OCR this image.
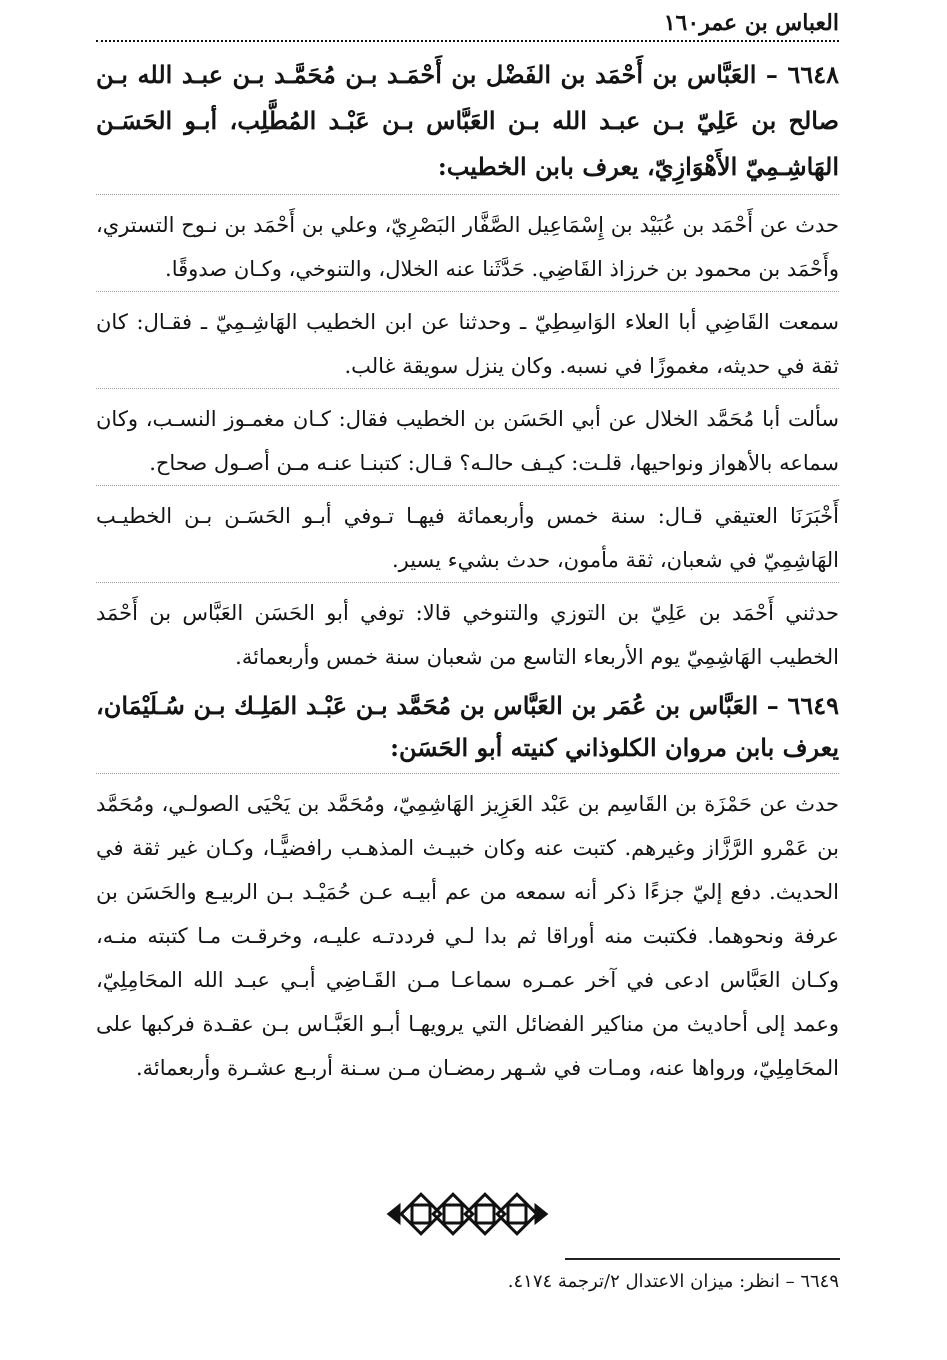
العباس بن عمر
١٦٠

٦٦٤٨ – العَبَّاس بن أَحْمَد بن الفَضْل بن أَحْمَـد بـن مُحَمَّـد بـن عبـد الله بـن صالح بن عَلِيّ بـن عبـد الله بـن العَبَّاس بـن عَبْـد المُطَّلِب، أبـو الحَسَـن الهَاشِـمِيّ الأَهْوَازِيّ، يعرف بابن الخطيب:

حدث عن أَحْمَد بن عُبَيْد بن إِسْمَاعِيل الصَّفَّار البَصْرِيّ، وعلي بن أَحْمَد بن نـوح التستري، وأَحْمَد بن محمود بن خرزاذ القَاضِي. حَدَّثَنا عنه الخلال، والتنوخي، وكـان صدوقًا.

سمعت القَاضِي أبا العلاء الوَاسِطِيّ ـ وحدثنا عن ابن الخطيب الهَاشِـمِيّ ـ فقـال: كان ثقة في حديثه، مغموزًا في نسبه. وكان ينزل سويقة غالب.

سألت أبا مُحَمَّد الخلال عن أبي الحَسَن بن الخطيب فقال: كـان مغمـوز النسـب، وكان سماعه بالأهواز ونواحيها، قلـت: كيـف حالـه؟ قـال: كتبنـا عنـه مـن أصـول صحاح.

أَخْبَرَنَا العتيقي قـال: سنة خمس وأربعمائة فيهـا تـوفي أبـو الحَسَـن بـن الخطيـب الهَاشِمِيّ في شعبان، ثقة مأمون، حدث بشيء يسير.

حدثني أَحْمَد بن عَلِيّ بن التوزي والتنوخي قالا: توفي أبو الحَسَن العَبَّاس بن أَحْمَد الخطيب الهَاشِمِيّ يوم الأربعاء التاسع من شعبان سنة خمس وأربعمائة.

٦٦٤٩ – العَبَّاس بن عُمَر بن العَبَّاس بن مُحَمَّد بـن عَبْـد المَلِـك بـن سُـلَيْمَان، يعرف بابن مروان الكلوذاني كنيته أبو الحَسَن:

حدث عن حَمْزَة بن القَاسِم بن عَبْد العَزِيز الهَاشِمِيّ، ومُحَمَّد بن يَحْيَى الصولـي، ومُحَمَّد بن عَمْرو الرَّزَّاز وغيرهم. كتبت عنه وكان خبيـث المذهـب رافضيًّـا، وكـان غير ثقة في الحديث. دفع إليّ جزءًا ذكر أنه سمعه من عم أبيـه عـن حُمَيْـد بـن الربيـع والحَسَن بن عرفة ونحوهما. فكتبت منه أوراقا ثم بدا لـي فرددتـه عليـه، وخرقـت مـا كتبته منـه، وكـان العَبَّاس ادعى في آخر عمـره سماعـا مـن القَـاضِي أبـي عبـد الله المحَامِلِيّ، وعمد إلى أحاديث من مناكير الفضائل التي يرويهـا أبـو العَبَّـاس بـن عقـدة فركبها على المحَامِلِيّ، ورواها عنه، ومـات في شـهر رمضـان مـن سـنة أربـع عشـرة وأربعمائة.

٦٦٤٩ – انظر: ميزان الاعتدال ٢/ترجمة ٤١٧٤.
